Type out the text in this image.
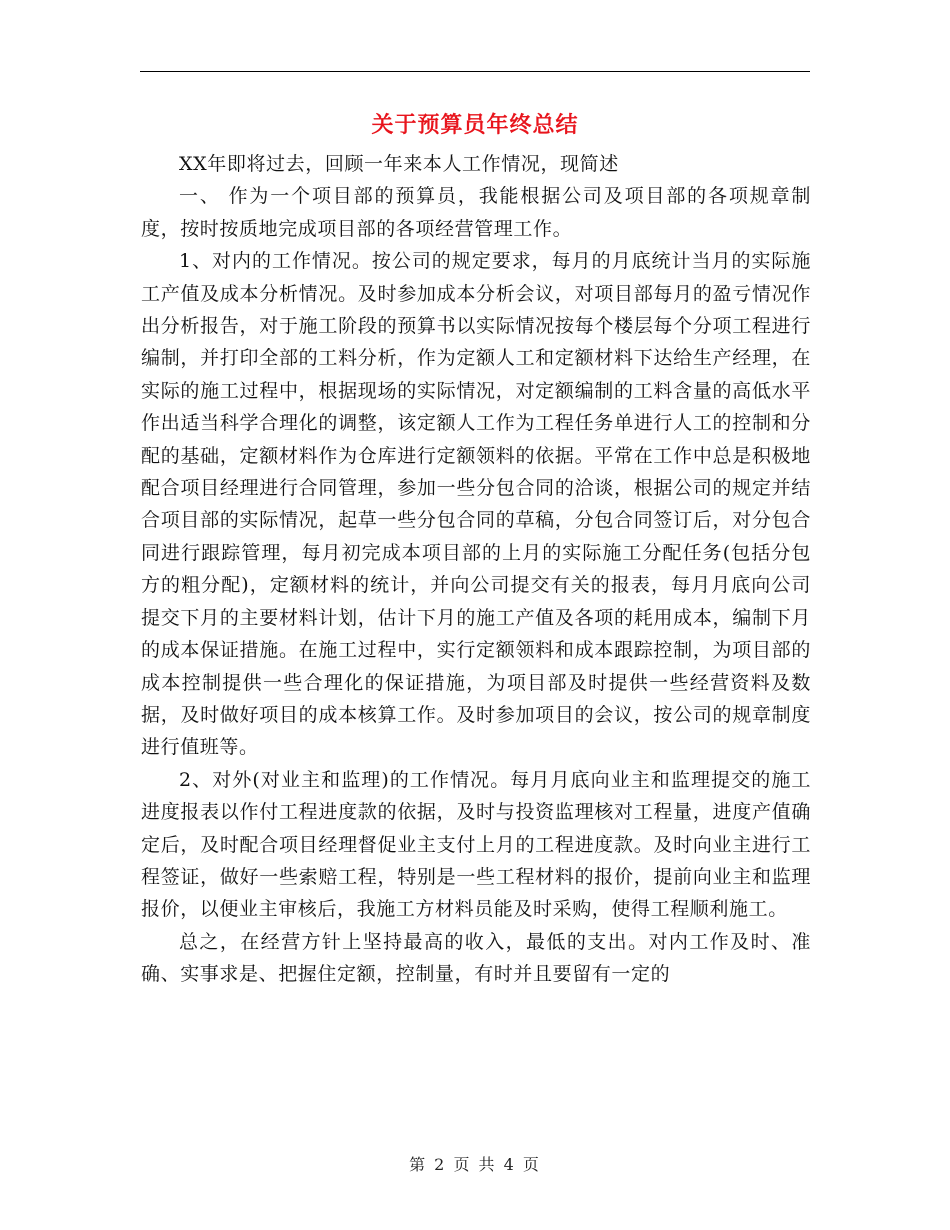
关于预算员年终总结

XX年即将过去，回顾一年来本人工作情况，现简述

一、 作为一个项目部的预算员，我能根据公司及项目部的各项规章制度，按时按质地完成项目部的各项经营管理工作。

1、对内的工作情况。按公司的规定要求，每月的月底统计当月的实际施工产值及成本分析情况。及时参加成本分析会议，对项目部每月的盈亏情况作出分析报告，对于施工阶段的预算书以实际情况按每个楼层每个分项工程进行编制，并打印全部的工料分析，作为定额人工和定额材料下达给生产经理，在实际的施工过程中，根据现场的实际情况，对定额编制的工料含量的高低水平作出适当科学合理化的调整，该定额人工作为工程任务单进行人工的控制和分配的基础，定额材料作为仓库进行定额领料的依据。平常在工作中总是积极地配合项目经理进行合同管理，参加一些分包合同的洽谈，根据公司的规定并结合项目部的实际情况，起草一些分包合同的草稿，分包合同签订后，对分包合同进行跟踪管理，每月初完成本项目部的上月的实际施工分配任务(包括分包方的粗分配)，定额材料的统计，并向公司提交有关的报表，每月月底向公司提交下月的主要材料计划，估计下月的施工产值及各项的耗用成本，编制下月的成本保证措施。在施工过程中，实行定额领料和成本跟踪控制，为项目部的成本控制提供一些合理化的保证措施，为项目部及时提供一些经营资料及数据，及时做好项目的成本核算工作。及时参加项目的会议，按公司的规章制度进行值班等。

2、对外(对业主和监理)的工作情况。每月月底向业主和监理提交的施工进度报表以作付工程进度款的依据，及时与投资监理核对工程量，进度产值确定后，及时配合项目经理督促业主支付上月的工程进度款。及时向业主进行工程签证，做好一些索赔工程，特别是一些工程材料的报价，提前向业主和监理报价，以便业主审核后，我施工方材料员能及时采购，使得工程顺利施工。

总之，在经营方针上坚持最高的收入，最低的支出。对内工作及时、准确、实事求是、把握住定额，控制量，有时并且要留有一定的

第 2 页 共 4 页
